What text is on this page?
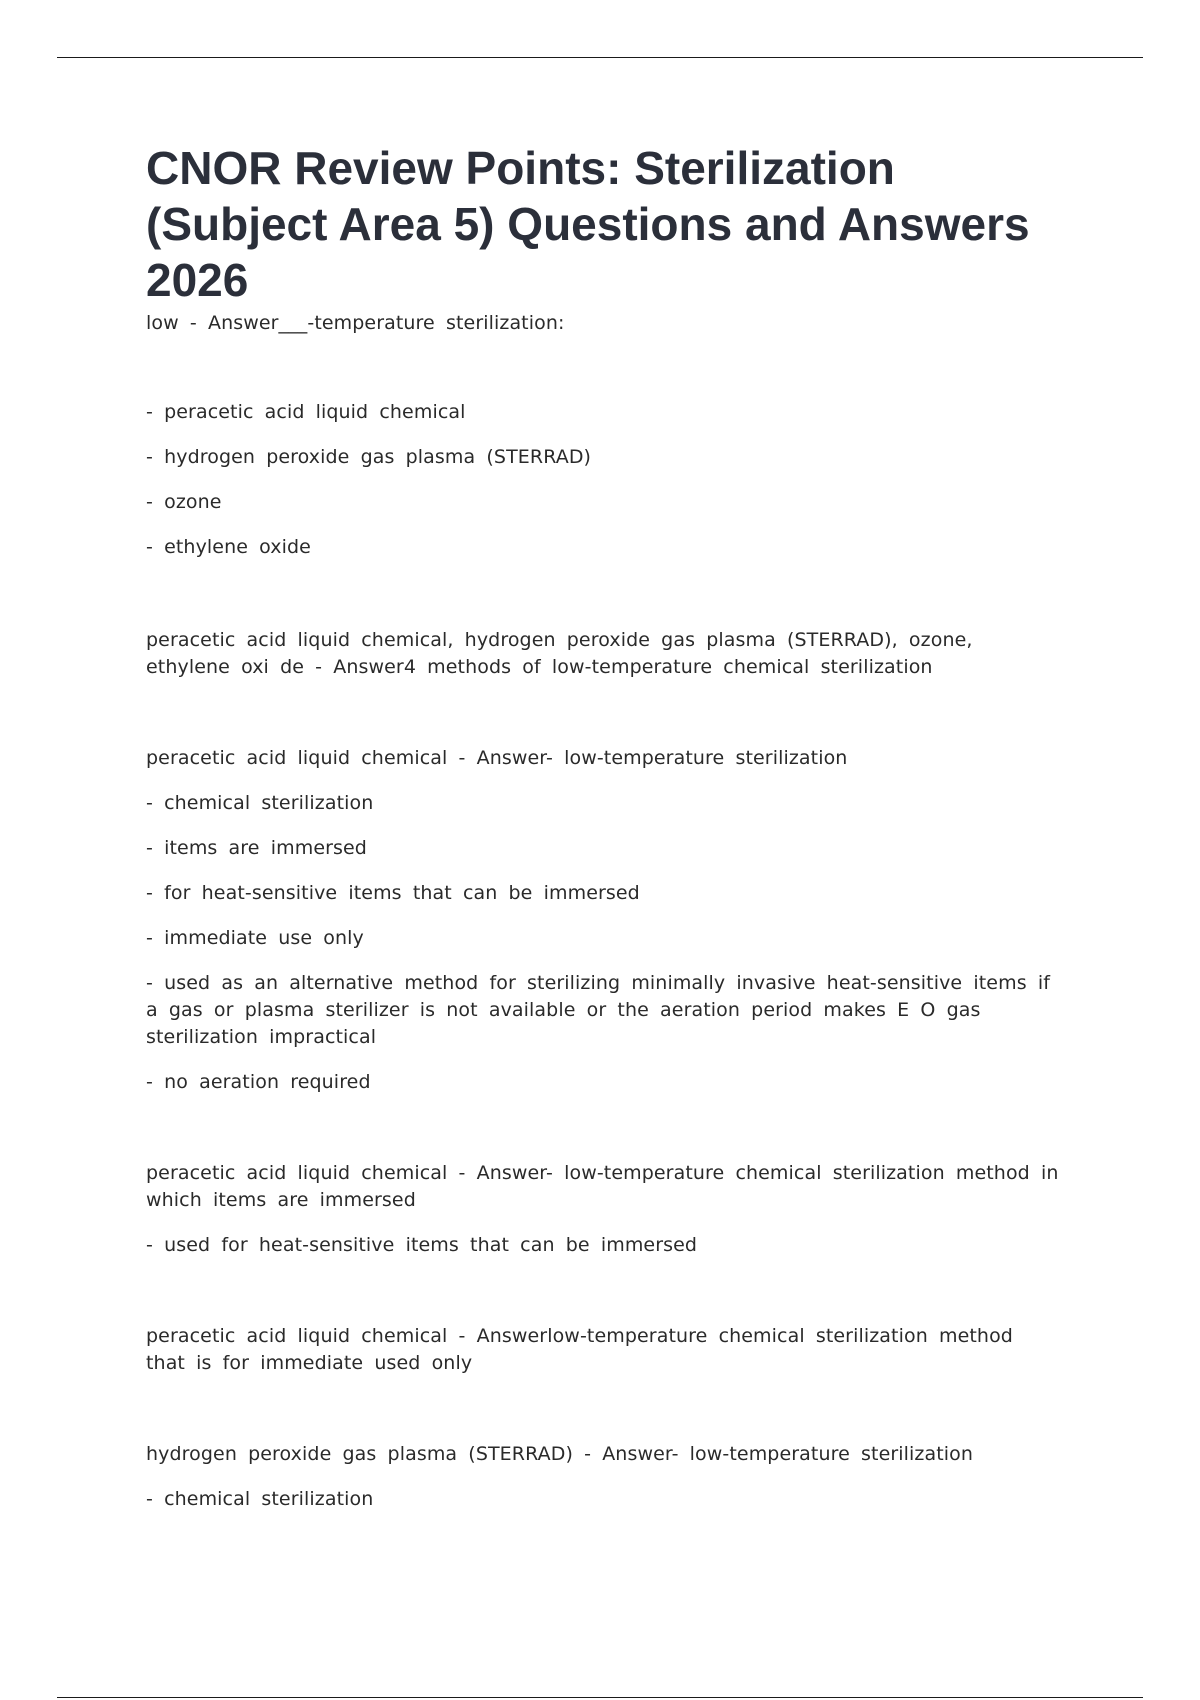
CNOR Review Points: Sterilization (Subject Area 5) Questions and Answers 2026
low - Answer___-temperature sterilization:
- peracetic acid liquid chemical
- hydrogen peroxide gas plasma (STERRAD)
- ozone
- ethylene oxide
peracetic acid liquid chemical, hydrogen peroxide gas plasma (STERRAD), ozone, ethylene oxi de - Answer4 methods of low-temperature chemical sterilization
peracetic acid liquid chemical - Answer- low-temperature sterilization
- chemical sterilization
- items are immersed
- for heat-sensitive items that can be immersed
- immediate use only
- used as an alternative method for sterilizing minimally invasive heat-sensitive items if a gas or plasma sterilizer is not available or the aeration period makes E O gas sterilization impractical
- no aeration required
peracetic acid liquid chemical - Answer- low-temperature chemical sterilization method in which items are immersed
- used for heat-sensitive items that can be immersed
peracetic acid liquid chemical - Answerlow-temperature chemical sterilization method that is for immediate used only
hydrogen peroxide gas plasma (STERRAD) - Answer- low-temperature sterilization
- chemical sterilization
